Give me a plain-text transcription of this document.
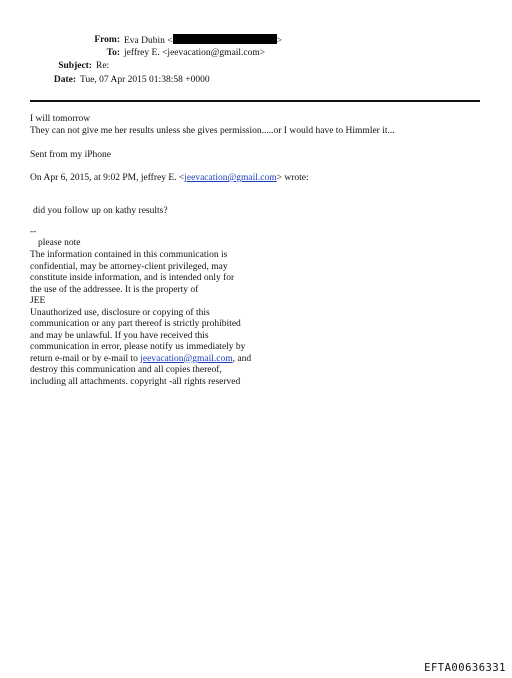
From: Eva Dubin <	>
To: jeffrey E. <jeevacation@gmail.com>
Subject: Re:
Date: Tue, 07 Apr 2015 01:38:58 +0000
I will tomorrow
They can not give me her results unless she gives permission.....or I would have to Himmler it...
Sent from my iPhone
On Apr 6, 2015, at 9:02 PM, jeffrey E. <jeevacation@gmail.com> wrote:
did you follow up on kathy results?
--
please note
The information contained in this communication is
confidential, may be attorney-client privileged, may
constitute inside information, and is intended only for
the use of the addressee. It is the property of
JEE
Unauthorized use, disclosure or copying of this
communication or any part thereof is strictly prohibited
and may be unlawful. If you have received this
communication in error, please notify us immediately by
return e-mail or by e-mail to jeevacation@gmail.com, and
destroy this communication and all copies thereof,
including all attachments. copyright -all rights reserved
EFTA00636331
